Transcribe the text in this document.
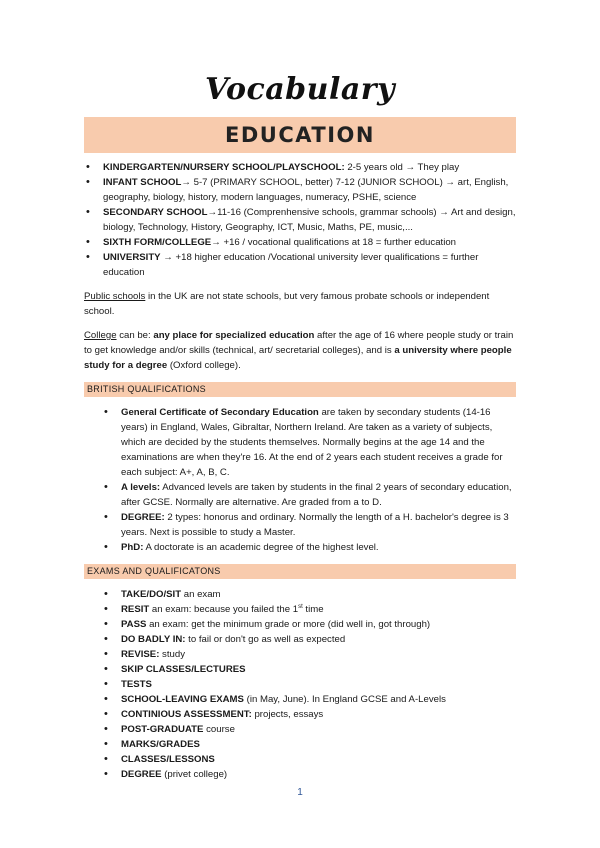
Vocabulary
EDUCATION
• KINDERGARTEN/NURSERY SCHOOL/PLAYSCHOOL: 2-5 years old → They play
• INFANT SCHOOL→ 5-7 (PRIMARY SCHOOL, better) 7-12 (JUNIOR SCHOOL) → art, English, geography, biology, history, modern languages, numeracy, PSHE, science
• SECONDARY SCHOOL→11-16 (Comprenhensive schools, grammar schools) → Art and design, biology, Technology, History, Geography, ICT, Music, Maths, PE, music,...
• SIXTH FORM/COLLEGE→ +16 / vocational qualifications at 18 = further education
• UNIVERSITY → +18 higher education /Vocational university lever qualifications = further education

Public schools in the UK are not state schools, but very famous probate schools or independent school.

College can be: any place for specialized education after the age of 16 where people study or train to get knowledge and/or skills (technical, art/ secretarial colleges), and is a university where people study for a degree (Oxford college).

BRITISH QUALIFICATIONS
• General Certificate of Secondary Education are taken by secondary students (14-16 years) in England, Wales, Gibraltar, Northern Ireland. Are taken as a variety of subjects, which are decided by the students themselves. Normally begins at the age 14 and the examinations are when they're 16. At the end of 2 years each student receives a grade for each subject: A+, A, B, C.
• A levels: Advanced levels are taken by students in the final 2 years of secondary education, after GCSE. Normally are alternative. Are graded from a to D.
• DEGREE: 2 types: honorus and ordinary. Normally the length of a H. bachelor's degree is 3 years. Next is possible to study a Master.
• PhD: A doctorate is an academic degree of the highest level.
EXAMS AND QUALIFICATONS
• TAKE/DO/SIT an exam
• RESIT an exam: because you failed the 1st time
• PASS an exam: get the minimum grade or more (did well in, got through)
• DO BADLY IN: to fail or don't go as well as expected
• REVISE: study
• SKIP CLASSES/LECTURES
• TESTS
• SCHOOL-LEAVING EXAMS (in May, June). In England GCSE and A-Levels
• CONTINIOUS ASSESSMENT: projects, essays
• POST-GRADUATE course
• MARKS/GRADES
• CLASSES/LESSONS
• DEGREE (privet college)
1
